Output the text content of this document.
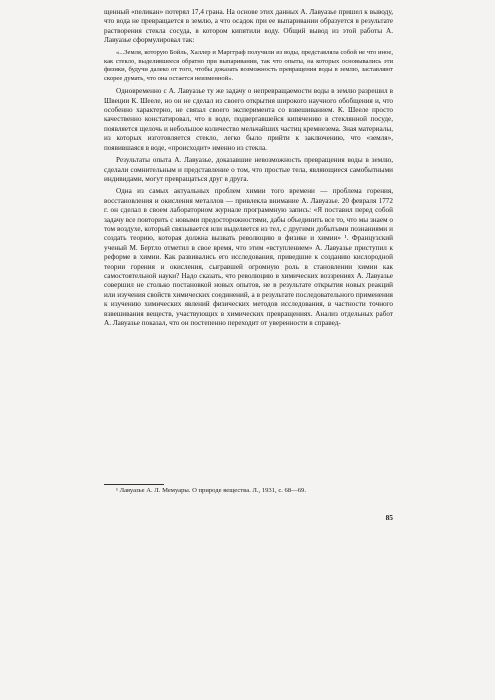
щенный «пеликан» потерял 17,4 грана. На основе этих данных А. Лавуазье пришел к выводу, что вода не превращается в землю, а что осадок при ее выпаривании образуется в результате растворения стекла сосуда, в котором кипятили воду. Общий вывод из этой работы А. Лавуазье сформулировал так:

«...Земля, которую Бойль, Халлер и Маргграф получили из воды, представляла собой не что иное, как стекло, выделившееся обратно при выпаривании, так что опыты, на которых основывались эти физики, будучи далеко от того, чтобы доказать возможность превращения воды в землю, заставляют скорее думать, что она остается неизменной».

Одновременно с А. Лавуазье ту же задачу о непревращаемости воды в землю разрешил в Швеции К. Шееле, но он не сделал из своего открытия широкого научного обобщения и, что особенно характерно, не связал своего эксперимента со взвешиванием. К. Шееле просто качественно констатировал, что в воде, подвергавшейся кипячению в стеклянной посуде, появляется щелочь и небольшое количество мельчайших частиц кремнезема. Зная материалы, из которых изготовляется стекло, легко было прийти к заключению, что «земля», появившаяся в воде, «происходит» именно из стекла.

Результаты опыта А. Лавуазье, доказавшие невозможность превращения воды в землю, сделали сомнительным и представление о том, что простые тела, являющиеся самобытными индивидами, могут превращаться друг в друга.

Одна из самых актуальных проблем химии того времени — проблема горения, восстановления и окисления металлов — привлекла внимание А. Лавуазье. 20 февраля 1772 г. он сделал в своем лабораторном журнале программную запись: «Я поставил перед собой задачу все повторить с новыми предосторожностями, дабы объединить все то, что мы знаем о том воздухе, который связывается или выделяется из тел, с другими добытыми познаниями и создать теорию, которая должна вызвать революцию в физике и химии» ¹. Французский ученый М. Бертло отметил в свое время, что этим «вступлением» А. Лавуазье приступил к реформе в химии. Как развивались его исследования, приведшие к созданию кислородной теории горения и окисления, сыгравшей огромную роль в становлении химии как самостоятельной науки? Надо сказать, что революцию в химических воззрениях А. Лавуазье совершил не столько постановкой новых опытов, не в результате открытия новых реакций или изучения свойств химических соединений, а в результате последовательного применения к изучению химических явлений физических методов исследования, в частности точного взвешивания веществ, участвующих в химических превращениях. Анализ отдельных работ А. Лавуазье показал, что он постепенно переходит от уверенности в справед-

¹ Лавуазье А. Л. Мемуары. О природе вещества. Л., 1931, с. 68—69.
85
